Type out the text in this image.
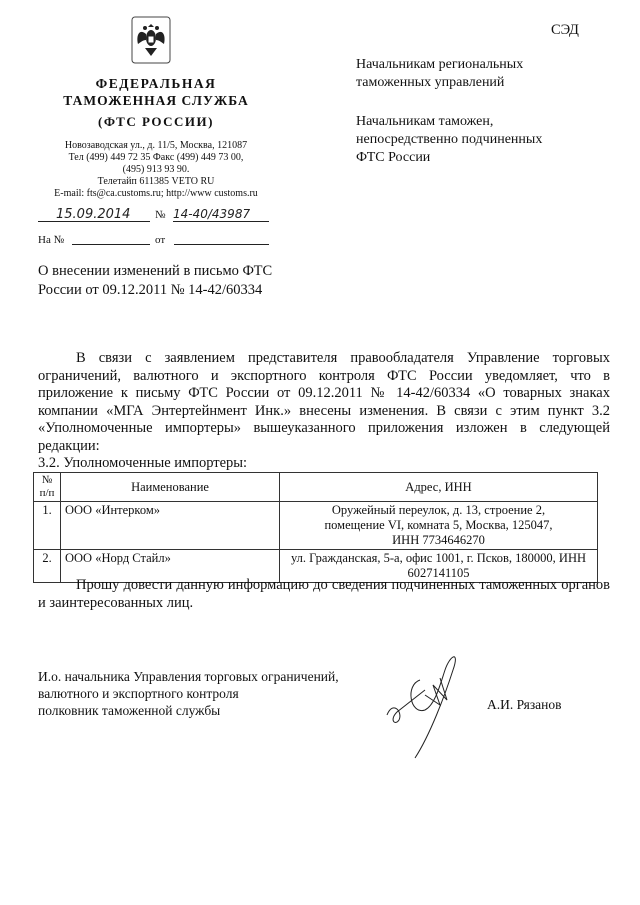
СЭД
ФЕДЕРАЛЬНАЯ
ТАМОЖЕННАЯ СЛУЖБА
(ФТС РОССИИ)
Новозаводская ул., д. 11/5, Москва, 121087
Тел (499) 449 72 35 Факс (499) 449 73 00,
(495) 913 93 90.
Телетайп 611385 VETO RU
E-mail: fts@ca.customs.ru; http://www customs.ru
15.09.2014	№ 14-40/43987
На №	от
Начальникам региональных
таможенных управлений
Начальникам таможен,
непосредственно подчиненных
ФТС России
О внесении изменений в письмо ФТС
России от 09.12.2011 № 14-42/60334
В связи с заявлением представителя правообладателя Управление торговых ограничений, валютного и экспортного контроля ФТС России уведомляет, что в приложение к письму ФТС России от 09.12.2011 № 14-42/60334 «О товарных знаках компании «МГА Энтертейнмент Инк.» внесены изменения. В связи с этим пункт 3.2 «Уполномоченные импортеры» вышеуказанного приложения изложен в следующей редакции:
3.2. Уполномоченные импортеры:
№ п/п	Наименование	Адрес, ИНН
1.	ООО «Интерком»	Оружейный переулок, д. 13, строение 2, помещение VI, комната 5, Москва, 125047, ИНН 7734646270
2.	ООО «Норд Стайл»	ул. Гражданская, 5-а, офис 1001, г. Псков, 180000, ИНН 6027141105
Прошу довести данную информацию до сведения подчиненных таможенных органов и заинтересованных лиц.
И.о. начальника Управления торговых ограничений,
валютного и экспортного контроля
полковник таможенной службы	А.И. Рязанов
